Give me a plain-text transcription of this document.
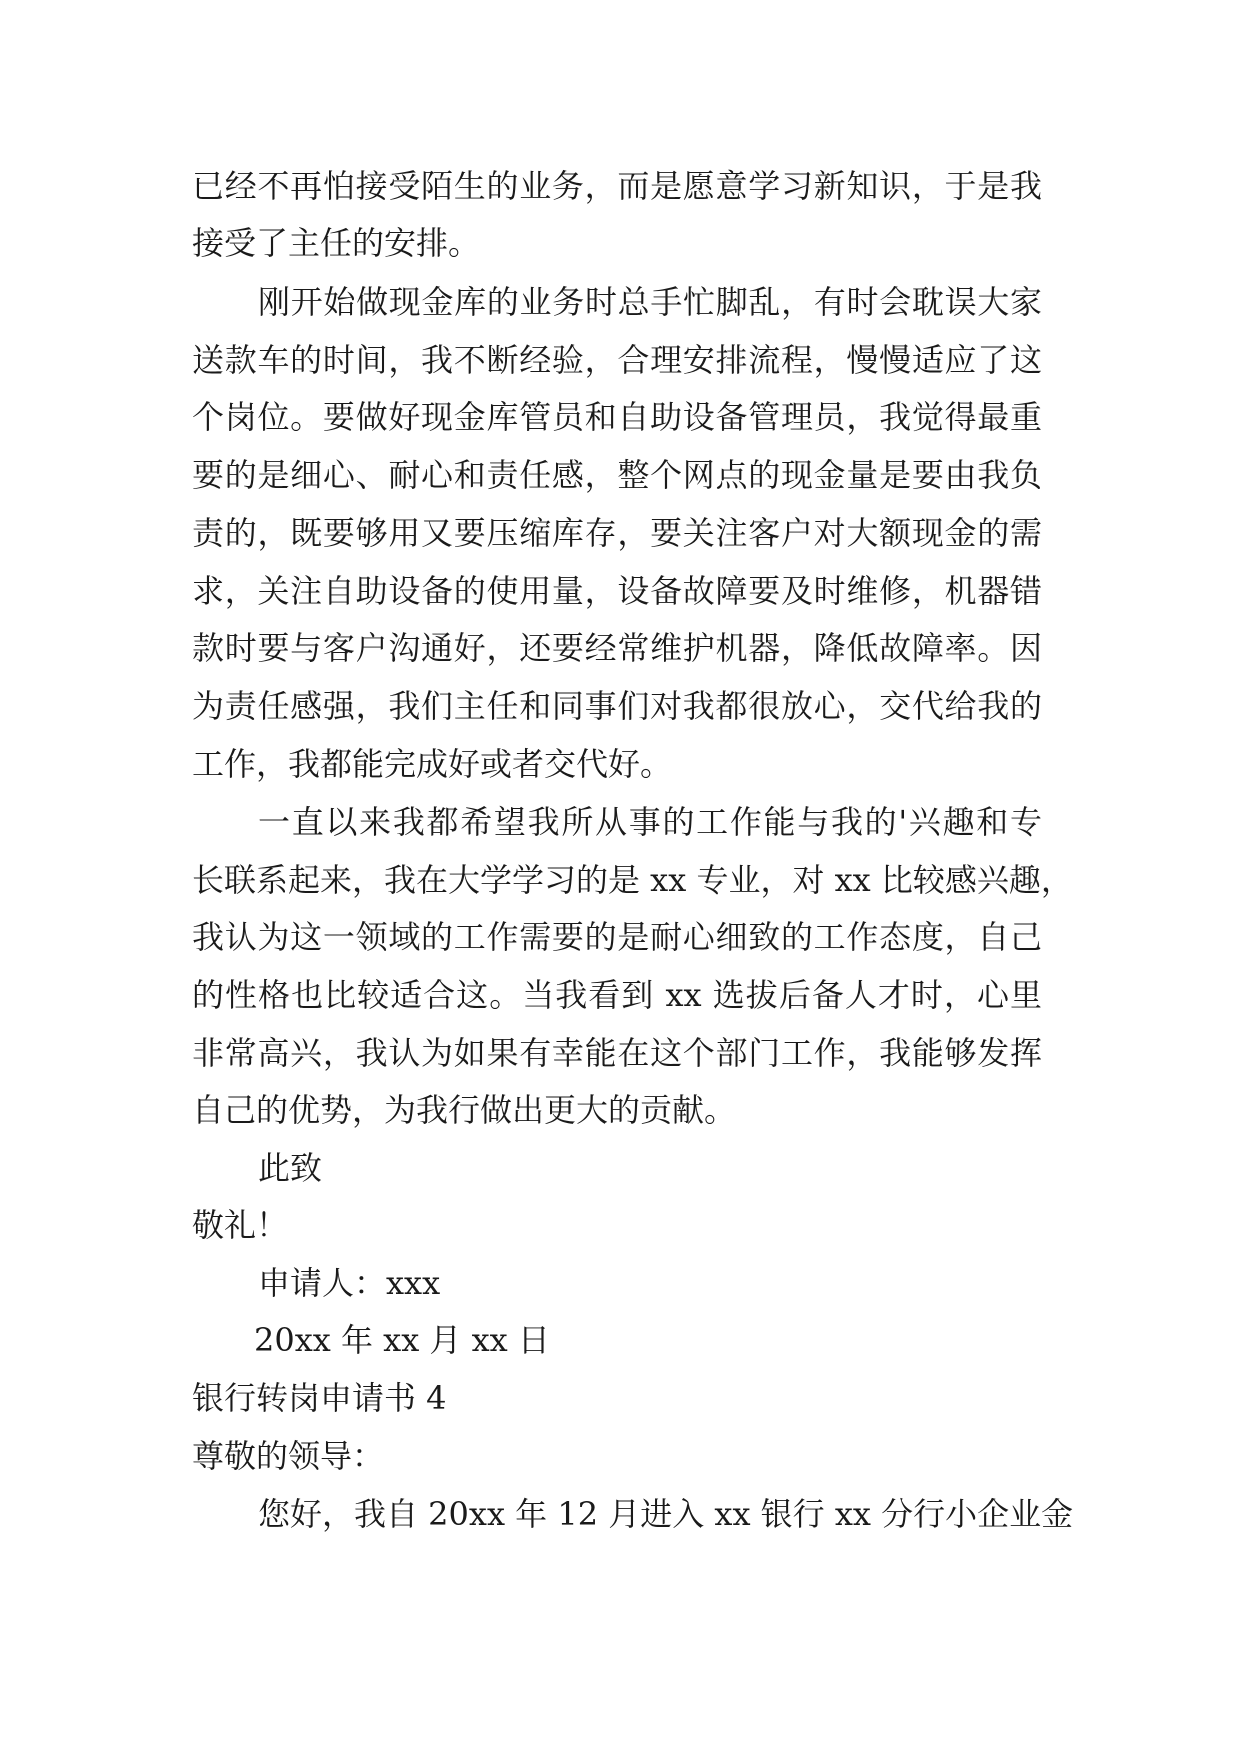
已经不再怕接受陌生的业务，而是愿意学习新知识，于是我
接受了主任的安排。
刚开始做现金库的业务时总手忙脚乱，有时会耽误大家
送款车的时间，我不断经验，合理安排流程，慢慢适应了这
个岗位。要做好现金库管员和自助设备管理员，我觉得最重
要的是细心、耐心和责任感，整个网点的现金量是要由我负
责的，既要够用又要压缩库存，要关注客户对大额现金的需
求，关注自助设备的使用量，设备故障要及时维修，机器错
款时要与客户沟通好，还要经常维护机器，降低故障率。因
为责任感强，我们主任和同事们对我都很放心，交代给我的
工作，我都能完成好或者交代好。
一直以来我都希望我所从事的工作能与我的'兴趣和专
长联系起来，我在大学学习的是 xx 专业，对 xx 比较感兴趣，
我认为这一领域的工作需要的是耐心细致的工作态度，自己
的性格也比较适合这。当我看到 xx 选拔后备人才时，心里
非常高兴，我认为如果有幸能在这个部门工作，我能够发挥
自己的优势，为我行做出更大的贡献。
此致
敬礼！
申请人：xxx
20xx 年 xx 月 xx 日
银行转岗申请书 4
尊敬的领导：
您好，我自 20xx 年 12 月进入 xx 银行 xx 分行小企业金
